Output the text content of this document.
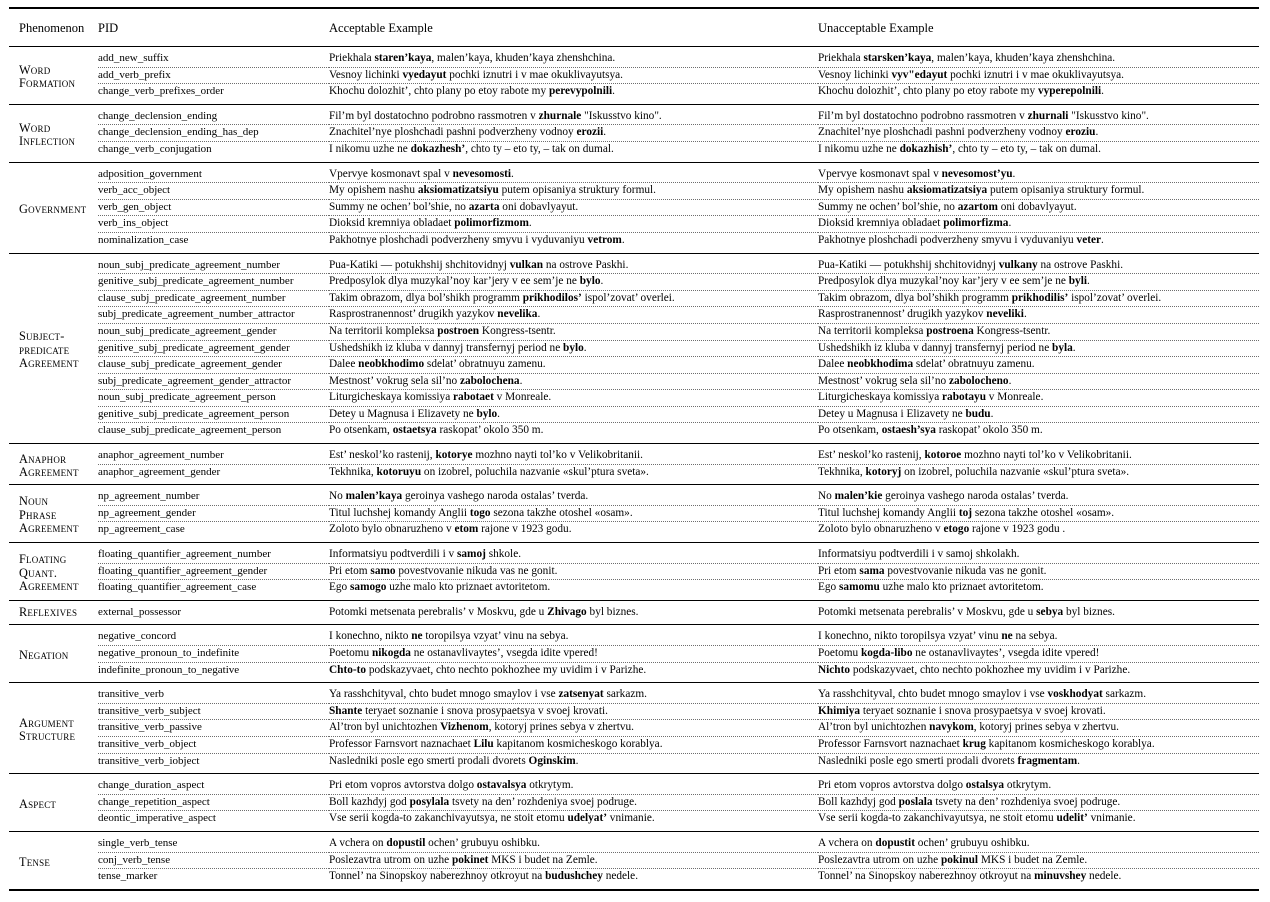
Phenomenon	PID	Acceptable Example	Unacceptable Example

Word
Formation	add_new_suffix	Priekhala staren’kaya, malen’kaya, khuden’kaya zhenshchina.	Priekhala starsken’kaya, malen’kaya, khuden’kaya zhenshchina.
	add_verb_prefix	Vesnoy lichinki vyedayut pochki iznutri i v mae okuklivayutsya.	Vesnoy lichinki vyv"edayut pochki iznutri i v mae okuklivayutsya.
	change_verb_prefixes_order	Khochu dolozhit’, chto plany po etoy rabote my perevypolnili.	Khochu dolozhit’, chto plany po etoy rabote my vyperepolnili.

Word
Inflection	change_declension_ending	Fil’m byl dostatochno podrobno rassmotren v zhurnale "Iskusstvo kino".	Fil’m byl dostatochno podrobno rassmotren v zhurnali "Iskusstvo kino".
	change_declension_ending_has_dep	Znachitel’nye ploshchadi pashni podverzheny vodnoy erozii.	Znachitel’nye ploshchadi pashni podverzheny vodnoy eroziu.
	change_verb_conjugation	I nikomu uzhe ne dokazhesh’, chto ty – eto ty, – tak on dumal.	I nikomu uzhe ne dokazhish’, chto ty – eto ty, – tak on dumal.

Government	adposition_government	Vpervye kosmonavt spal v nevesomosti.	Vpervye kosmonavt spal v nevesomost’yu.
	verb_acc_object	My opishem nashu aksiomatizatsiyu putem opisaniya struktury formul.	My opishem nashu aksiomatizatsiya putem opisaniya struktury formul.
	verb_gen_object	Summy ne ochen’ bol’shie, no azarta oni dobavlyayut.	Summy ne ochen’ bol’shie, no azartom oni dobavlyayut.
	verb_ins_object	Dioksid kremniya obladaet polimorfizmom.	Dioksid kremniya obladaet polimorfizma.
	nominalization_case	Pakhotnye ploshchadi podverzheny smyvu i vyduvaniyu vetrom.	Pakhotnye ploshchadi podverzheny smyvu i vyduvaniyu veter.

Subject-
predicate
Agreement	noun_subj_predicate_agreement_number	Pua-Katiki — potukhshij shchitovidnyj vulkan na ostrove Paskhi.	Pua-Katiki — potukhshij shchitovidnyj vulkany na ostrove Paskhi.
	genitive_subj_predicate_agreement_number	Predposylok dlya muzykal’noy kar’jery v ee sem’je ne bylo.	Predposylok dlya muzykal’noy kar’jery v ee sem’je ne byli.
	clause_subj_predicate_agreement_number	Takim obrazom, dlya bol’shikh programm prikhodilos’ ispol’zovat’ overlei.	Takim obrazom, dlya bol’shikh programm prikhodilis’ ispol’zovat’ overlei.
	subj_predicate_agreement_number_attractor	Rasprostranennost’ drugikh yazykov nevelika.	Rasprostranennost’ drugikh yazykov neveliki.
	noun_subj_predicate_agreement_gender	Na territorii kompleksa postroen Kongress-tsentr.	Na territorii kompleksa postroena Kongress-tsentr.
	genitive_subj_predicate_agreement_gender	Ushedshikh iz kluba v dannyj transfernyj period ne bylo.	Ushedshikh iz kluba v dannyj transfernyj period ne byla.
	clause_subj_predicate_agreement_gender	Dalee neobkhodimo sdelat’ obratnuyu zamenu.	Dalee neobkhodima sdelat’ obratnuyu zamenu.
	subj_predicate_agreement_gender_attractor	Mestnost’ vokrug sela sil’no zabolochena.	Mestnost’ vokrug sela sil’no zabolocheno.
	noun_subj_predicate_agreement_person	Liturgicheskaya komissiya rabotaet v Monreale.	Liturgicheskaya komissiya rabotayu v Monreale.
	genitive_subj_predicate_agreement_person	Detey u Magnusa i Elizavety ne bylo.	Detey u Magnusa i Elizavety ne budu.
	clause_subj_predicate_agreement_person	Po otsenkam, ostaetsya raskopat’ okolo 350 m.	Po otsenkam, ostaesh’sya raskopat’ okolo 350 m.

Anaphor
Agreement	anaphor_agreement_number	Est’ neskol’ko rastenij, kotorye mozhno nayti tol’ko v Velikobritanii.	Est’ neskol’ko rastenij, kotoroe mozhno nayti tol’ko v Velikobritanii.
	anaphor_agreement_gender	Tekhnika, kotoruyu on izobrel, poluchila nazvanie «skul’ptura sveta».	Tekhnika, kotoryj on izobrel, poluchila nazvanie «skul’ptura sveta».

Noun
Phrase
Agreement	np_agreement_number	No malen’kaya geroinya vashego naroda ostalas’ tverda.	No malen’kie geroinya vashego naroda ostalas’ tverda.
	np_agreement_gender	Titul luchshej komandy Anglii togo sezona takzhe otoshel «osam».	Titul luchshej komandy Anglii toj sezona takzhe otoshel «osam».
	np_agreement_case	Zoloto bylo obnaruzheno v etom rajone v 1923 godu.	Zoloto bylo obnaruzheno v etogo rajone v 1923 godu .

Floating
Quant.
Agreement	floating_quantifier_agreement_number	Informatsiyu podtverdili i v samoj shkole.	Informatsiyu podtverdili i v samoj shkolakh.
	floating_quantifier_agreement_gender	Pri etom samo povestvovanie nikuda vas ne gonit.	Pri etom sama povestvovanie nikuda vas ne gonit.
	floating_quantifier_agreement_case	Ego samogo uzhe malo kto priznaet avtoritetom.	Ego samomu uzhe malo kto priznaet avtoritetom.

Reflexives	external_possessor	Potomki metsenata perebralis’ v Moskvu, gde u Zhivago byl biznes.	Potomki metsenata perebralis’ v Moskvu, gde u sebya byl biznes.

Negation	negative_concord	I konechno, nikto ne toropilsya vzyat’ vinu na sebya.	I konechno, nikto toropilsya vzyat’ vinu ne na sebya.
	negative_pronoun_to_indefinite	Poetomu nikogda ne ostanavlivaytes’, vsegda idite vpered!	Poetomu kogda-libo ne ostanavlivaytes’, vsegda idite vpered!
	indefinite_pronoun_to_negative	Chto-to podskazyvaet, chto nechto pokhozhee my uvidim i v Parizhe.	Nichto podskazyvaet, chto nechto pokhozhee my uvidim i v Parizhe.

Argument
Structure	transitive_verb	Ya rasshchityval, chto budet mnogo smaylov i vse zatsenyat sarkazm.	Ya rasshchityval, chto budet mnogo smaylov i vse voskhodyat sarkazm.
	transitive_verb_subject	Shante teryaet soznanie i snova prosypaetsya v svoej krovati.	Khimiya teryaet soznanie i snova prosypaetsya v svoej krovati.
	transitive_verb_passive	Al’tron byl unichtozhen Vizhenom, kotoryj prines sebya v zhertvu.	Al’tron byl unichtozhen navykom, kotoryj prines sebya v zhertvu.
	transitive_verb_object	Professor Farnsvort naznachaet Lilu kapitanom kosmicheskogo korablya.	Professor Farnsvort naznachaet krug kapitanom kosmicheskogo korablya.
	transitive_verb_iobject	Nasledniki posle ego smerti prodali dvorets Oginskim.	Nasledniki posle ego smerti prodali dvorets fragmentam.

Aspect	change_duration_aspect	Pri etom vopros avtorstva dolgo ostavalsya otkrytym.	Pri etom vopros avtorstva dolgo ostalsya otkrytym.
	change_repetition_aspect	Boll kazhdyj god posylala tsvety na den’ rozhdeniya svoej podruge.	Boll kazhdyj god poslala tsvety na den’ rozhdeniya svoej podruge.
	deontic_imperative_aspect	Vse serii kogda-to zakanchivayutsya, ne stoit etomu udelyat’ vnimanie.	Vse serii kogda-to zakanchivayutsya, ne stoit etomu udelit’ vnimanie.

Tense	single_verb_tense	A vchera on dopustil ochen’ grubuyu oshibku.	A vchera on dopustit ochen’ grubuyu oshibku.
	conj_verb_tense	Poslezavtra utrom on uzhe pokinet MKS i budet na Zemle.	Poslezavtra utrom on uzhe pokinul MKS i budet na Zemle.
	tense_marker	Tonnel’ na Sinopskoy naberezhnoy otkroyut na budushchey nedele.	Tonnel’ na Sinopskoy naberezhnoy otkroyut na minuvshey nedele.
